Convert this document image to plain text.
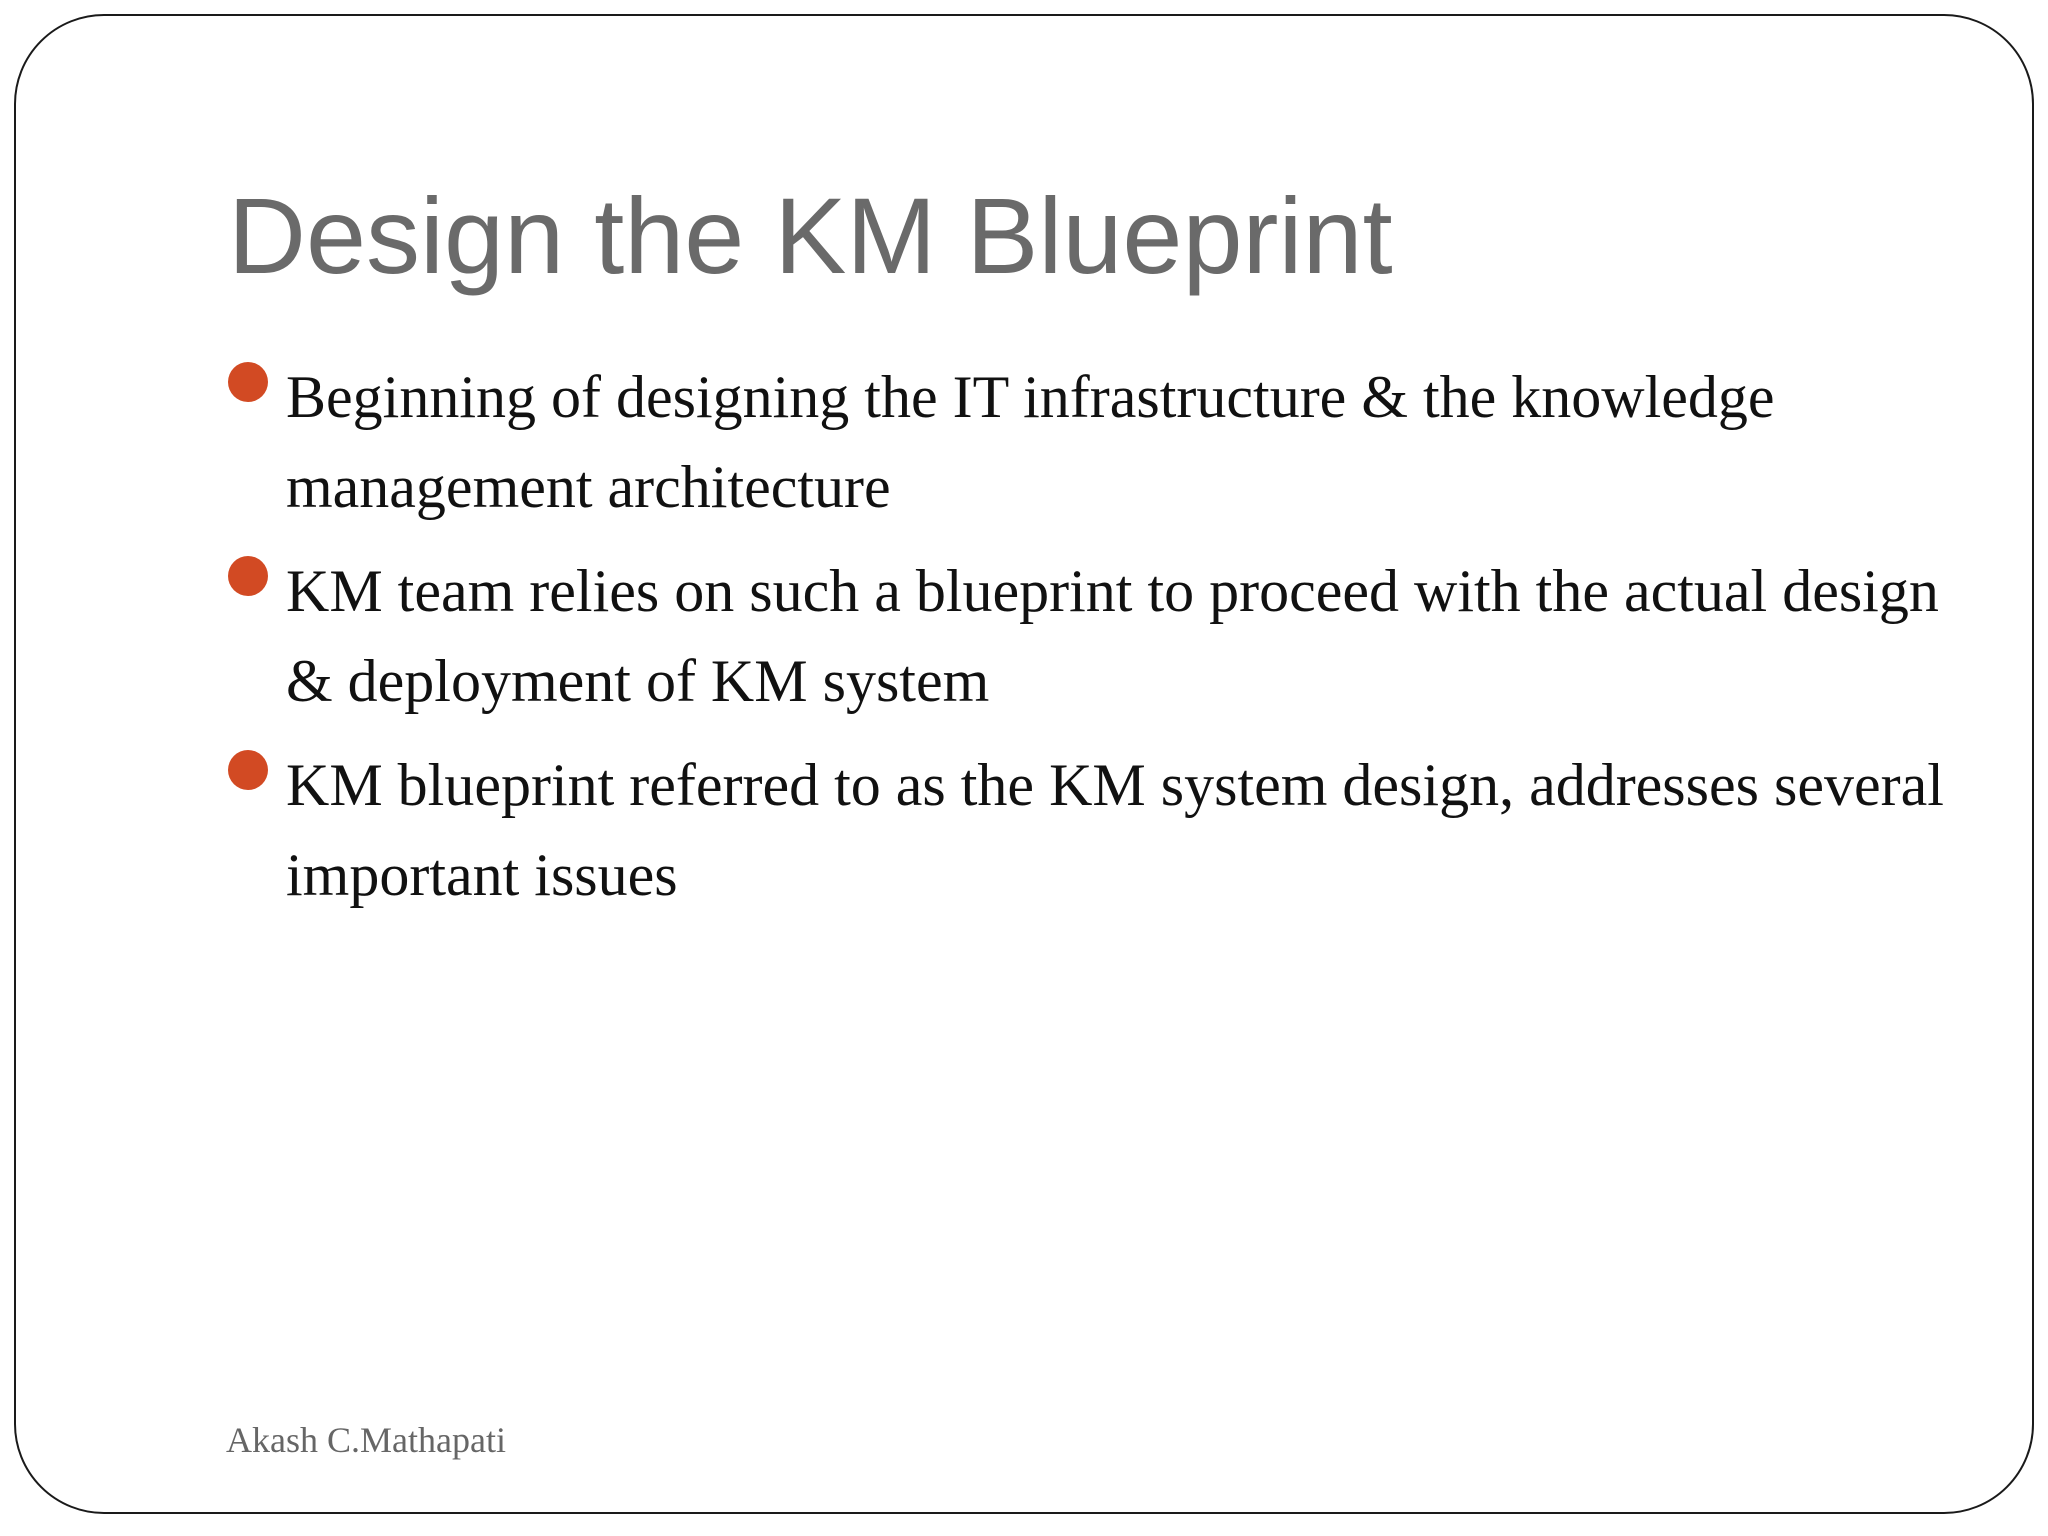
Design the KM Blueprint
Beginning of designing the IT infrastructure & the knowledge management architecture
KM team relies on such a blueprint to proceed with the actual design & deployment of KM system
KM blueprint referred to as the KM system design, addresses several important issues
Akash C.Mathapati
